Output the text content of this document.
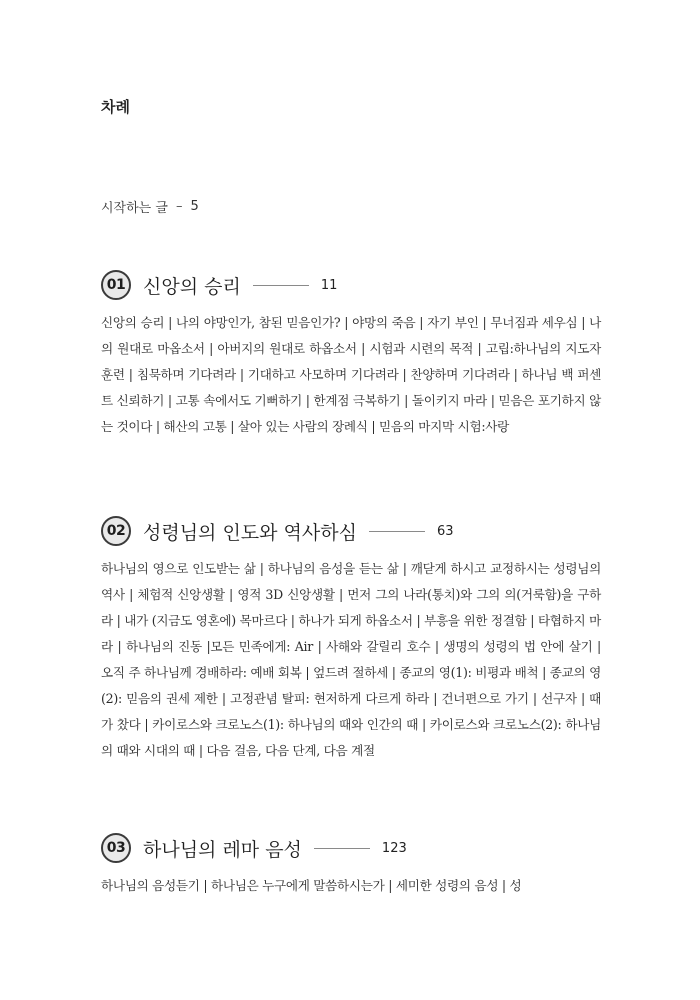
차례
시작하는 글 – 5
01 신앙의 승리	11

신앙의 승리 | 나의 야망인가, 참된 믿음인가? | 야망의 죽음 | 자기 부인 | 무너짐과 세우심 | 나의 원대로 마옵소서 | 아버지의 원대로 하옵소서 | 시험과 시련의 목적 | 고립:하나님의 지도자 훈련 | 침묵하며 기다려라 | 기대하고 사모하며 기다려라 | 찬양하며 기다려라 | 하나님 백 퍼센트 신뢰하기 | 고통 속에서도 기뻐하기 | 한계점 극복하기 | 돌이키지 마라 | 믿음은 포기하지 않는 것이다 | 해산의 고통 | 살아 있는 사람의 장례식 | 믿음의 마지막 시험:사랑

02 성령님의 인도와 역사하심	63

하나님의 영으로 인도받는 삶 | 하나님의 음성을 듣는 삶 | 깨닫게 하시고 교정하시는 성령님의 역사 | 체험적 신앙생활 | 영적 3D 신앙생활 | 먼저 그의 나라(통치)와 그의 의(거룩함)을 구하라 | 내가 (지금도 영혼에) 목마르다 | 하나가 되게 하옵소서 | 부흥을 위한 정결함 | 타협하지 마라 | 하나님의 진동 |모든 민족에게: Air | 사해와 갈릴리 호수 | 생명의 성령의 법 안에 살기 | 오직 주 하나님께 경배하라: 예배 회복 | 엎드려 절하세 | 종교의 영(1): 비평과 배척 | 종교의 영(2): 믿음의 권세 제한 | 고정관념 탈피: 현저하게 다르게 하라 | 건너편으로 가기 | 선구자 | 때가 찼다 | 카이로스와 크로노스(1): 하나님의 때와 인간의 때 | 카이로스와 크로노스(2): 하나님의 때와 시대의 때 | 다음 걸음, 다음 단계, 다음 계절

03 하나님의 레마 음성	123

하나님의 음성듣기 | 하나님은 누구에게 말씀하시는가 | 세미한 성령의 음성 | 성
